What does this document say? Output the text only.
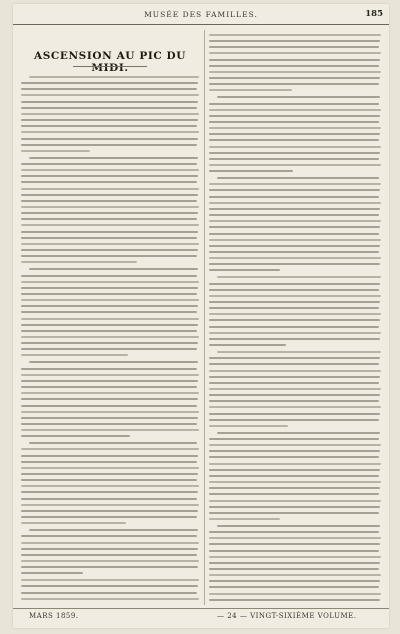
MUSÉE DES FAMILLES.	185
ASCENSION AU PIC DU MIDI.
MARS 1859.	— 24 — VINGT-SIXIÈME VOLUME.
